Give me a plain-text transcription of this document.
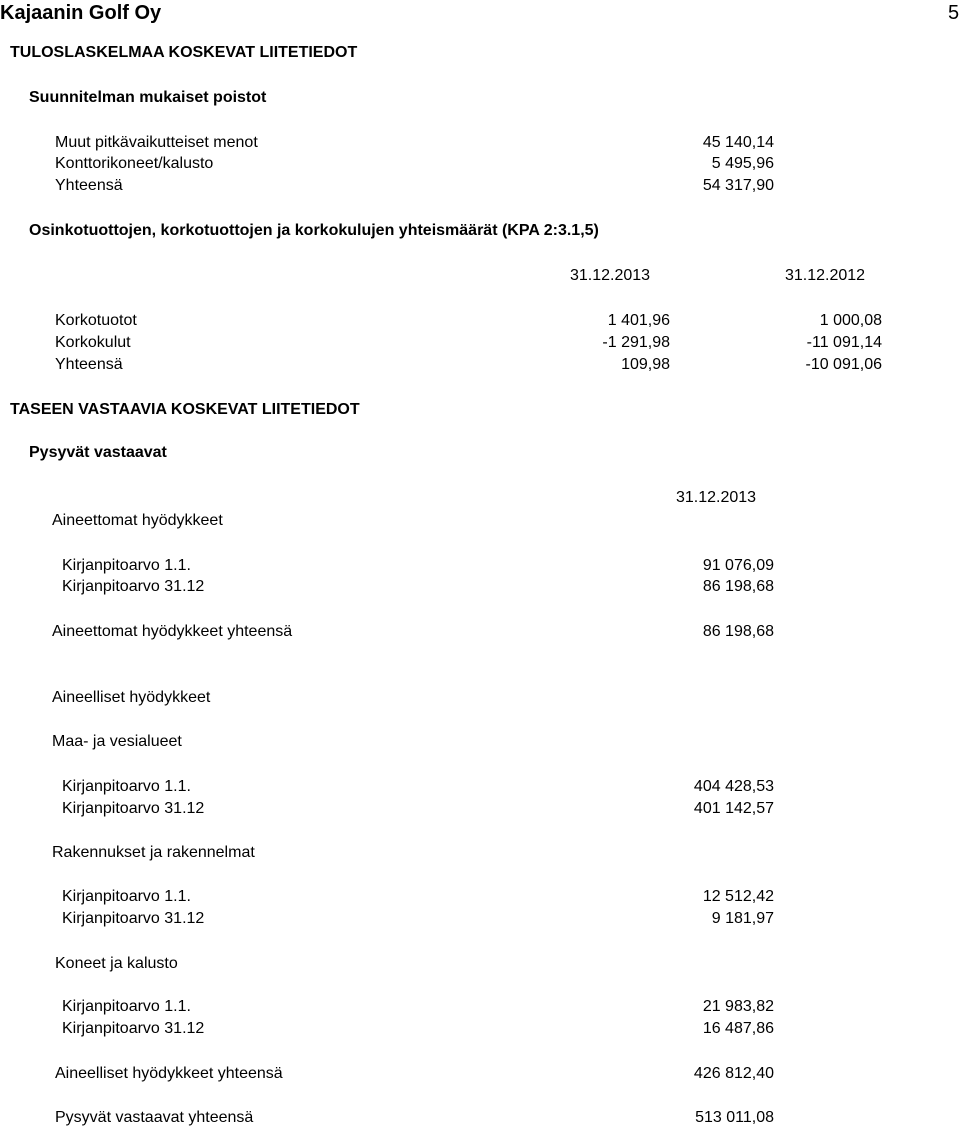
Kajaanin Golf Oy	5
TULOSLASKELMAA KOSKEVAT LIITETIEDOT
Suunnitelman mukaiset poistot
Muut pitkävaikutteiset menot	45 140,14
Konttorikoneet/kalusto	5 495,96
Yhteensä	54 317,90
Osinkotuottojen, korkotuottojen ja korkokulujen yhteismäärät (KPA 2:3.1,5)
31.12.2013	31.12.2012
Korkotuotot	1 401,96	1 000,08
Korkokulut	-1 291,98	-11 091,14
Yhteensä	109,98	-10 091,06
TASEEN VASTAAVIA KOSKEVAT LIITETIEDOT
Pysyvät vastaavat
31.12.2013
Aineettomat hyödykkeet
Kirjanpitoarvo 1.1.	91 076,09
Kirjanpitoarvo 31.12	86 198,68
Aineettomat hyödykkeet yhteensä	86 198,68
Aineelliset hyödykkeet
Maa- ja vesialueet
Kirjanpitoarvo 1.1.	404 428,53
Kirjanpitoarvo 31.12	401 142,57
Rakennukset ja rakennelmat
Kirjanpitoarvo 1.1.	12 512,42
Kirjanpitoarvo 31.12	9 181,97
Koneet ja kalusto
Kirjanpitoarvo 1.1.	21 983,82
Kirjanpitoarvo 31.12	16 487,86
Aineelliset hyödykkeet yhteensä	426 812,40
Pysyvät vastaavat yhteensä	513 011,08
